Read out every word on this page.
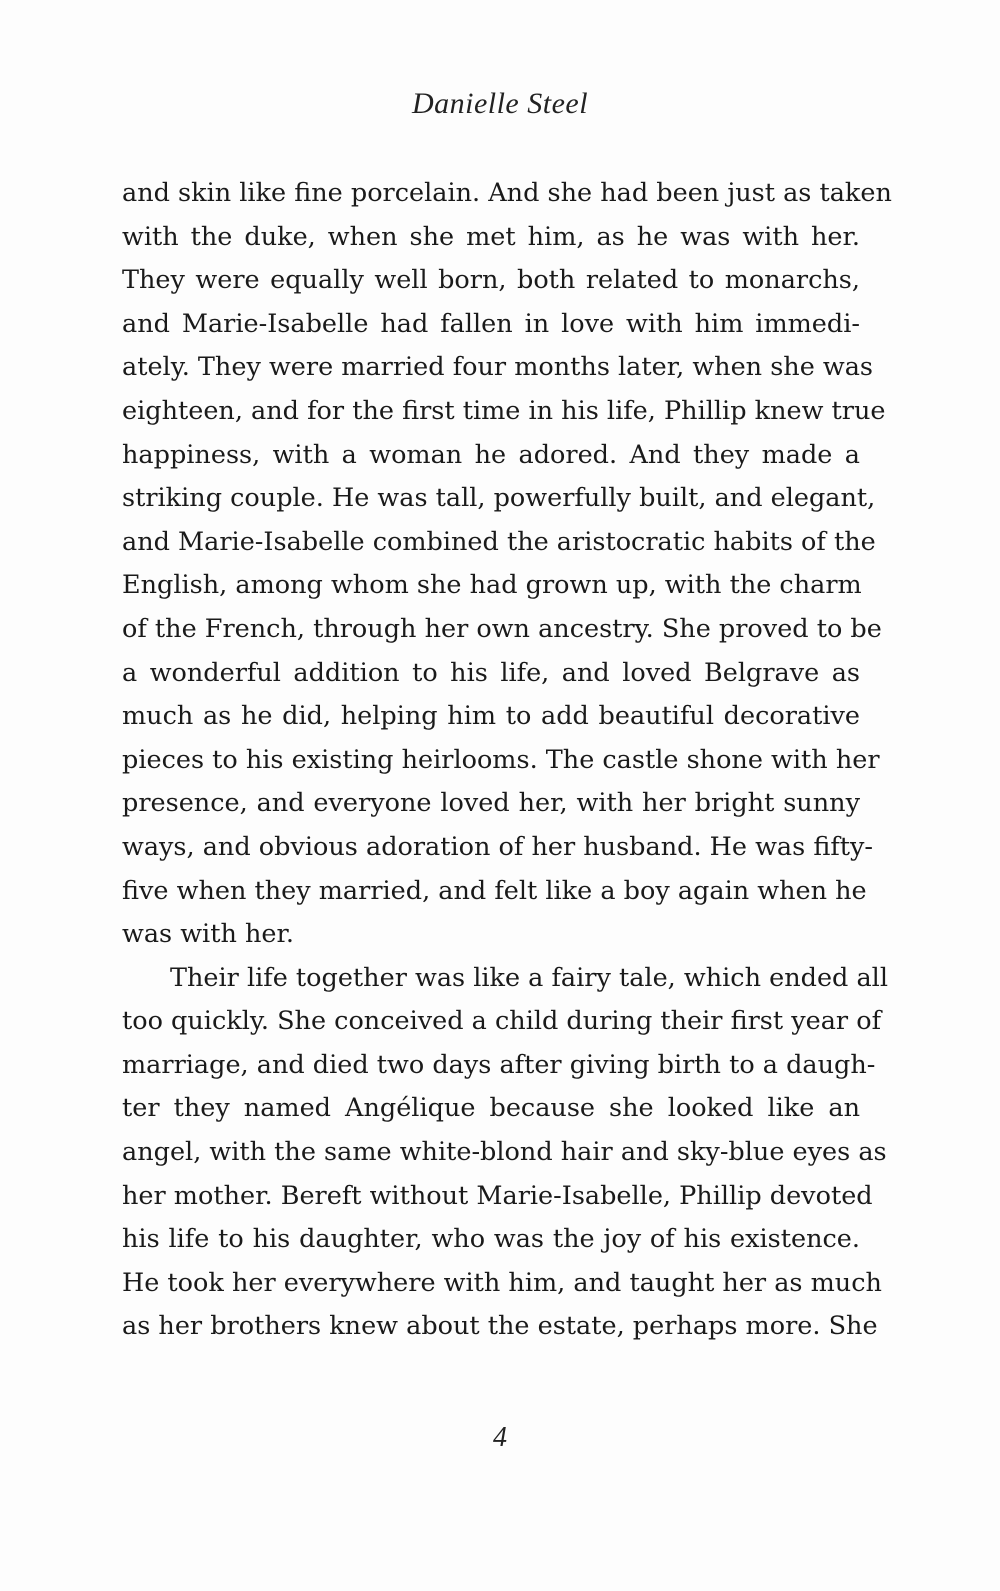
Danielle Steel
and skin like fine porcelain. And she had been just as taken
with the duke, when she met him, as he was with her.
They were equally well born, both related to monarchs,
and Marie-Isabelle had fallen in love with him immedi-
ately. They were married four months later, when she was
eighteen, and for the first time in his life, Phillip knew true
happiness, with a woman he adored. And they made a
striking couple. He was tall, powerfully built, and elegant,
and Marie-Isabelle combined the aristocratic habits of the
English, among whom she had grown up, with the charm
of the French, through her own ancestry. She proved to be
a wonderful addition to his life, and loved Belgrave as
much as he did, helping him to add beautiful decorative
pieces to his existing heirlooms. The castle shone with her
presence, and everyone loved her, with her bright sunny
ways, and obvious adoration of her husband. He was fifty-
five when they married, and felt like a boy again when he
was with her.
Their life together was like a fairy tale, which ended all
too quickly. She conceived a child during their first year of
marriage, and died two days after giving birth to a daugh-
ter they named Angélique because she looked like an
angel, with the same white-blond hair and sky-blue eyes as
her mother. Bereft without Marie-Isabelle, Phillip devoted
his life to his daughter, who was the joy of his existence.
He took her everywhere with him, and taught her as much
as her brothers knew about the estate, perhaps more. She
4
